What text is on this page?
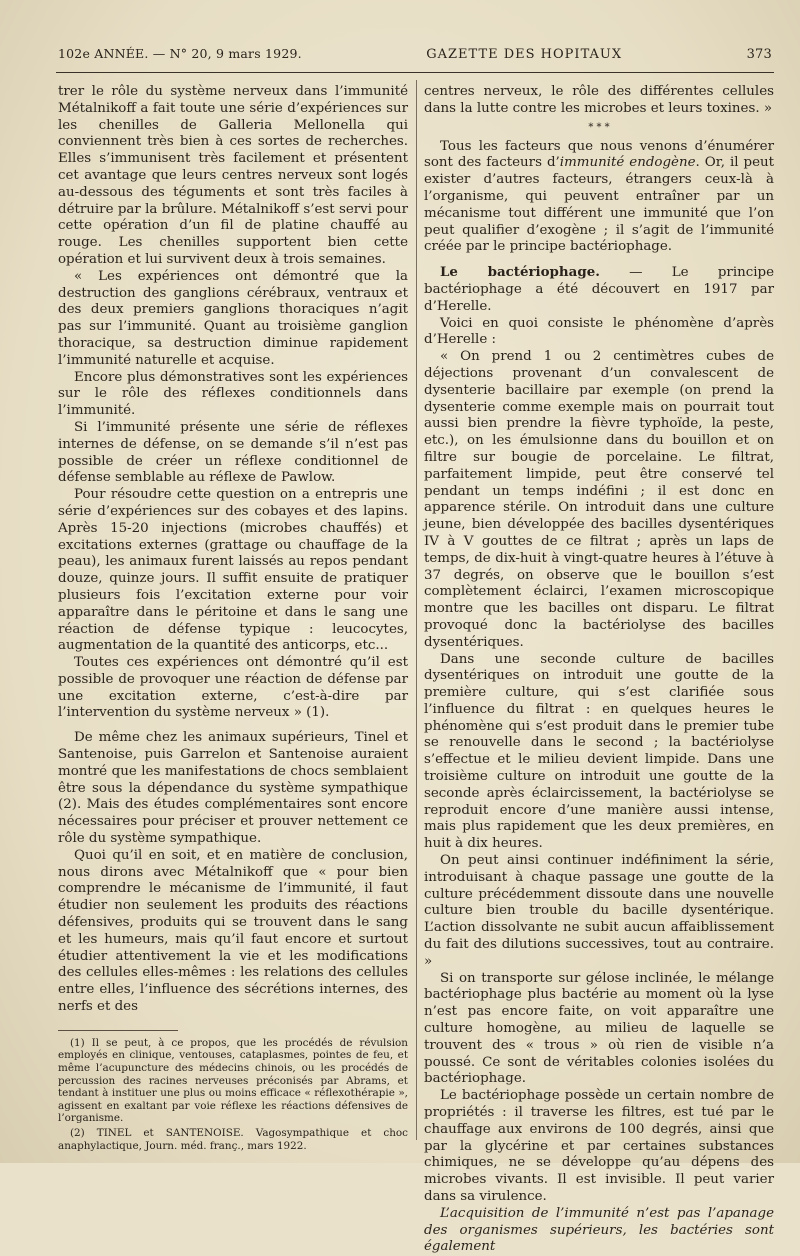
102e ANNÉE. — N° 20, 9 mars 1929.	GAZETTE DES HOPITAUX	373

trer le rôle du système nerveux dans l’immunité Métalnikoff a fait toute une série d’expériences sur les chenilles de Galleria Mellonella qui conviennent très bien à ces sortes de recherches. Elles s’immunisent très facilement et présentent cet avantage que leurs centres nerveux sont logés au-dessous des téguments et sont très faciles à détruire par la brûlure. Métalnikoff s’est servi pour cette opération d’un fil de platine chauffé au rouge. Les chenilles supportent bien cette opération et lui survivent deux à trois semaines.

« Les expériences ont démontré que la destruction des ganglions cérébraux, ventraux et des deux premiers ganglions thoraciques n’agit pas sur l’immunité. Quant au troisième ganglion thoracique, sa destruction diminue rapidement l’immunité naturelle et acquise.

Encore plus démonstratives sont les expériences sur le rôle des réflexes conditionnels dans l’immunité.

Si l’immunité présente une série de réflexes internes de défense, on se demande s’il n’est pas possible de créer un réflexe conditionnel de défense semblable au réflexe de Pawlow.

Pour résoudre cette question on a entrepris une série d’expériences sur des cobayes et des lapins. Après 15-20 injections (microbes chauffés) et excitations externes (grattage ou chauffage de la peau), les animaux furent laissés au repos pendant douze, quinze jours. Il suffit ensuite de pratiquer plusieurs fois l’excitation externe pour voir apparaître dans le péritoine et dans le sang une réaction de défense typique : leucocytes, augmentation de la quantité des anticorps, etc...

Toutes ces expériences ont démontré qu’il est possible de provoquer une réaction de défense par une excitation externe, c’est-à-dire par l’intervention du système nerveux » (1).

De même chez les animaux supérieurs, Tinel et Santenoise, puis Garrelon et Santenoise auraient montré que les manifestations de chocs semblaient être sous la dépendance du système sympathique (2). Mais des études complémentaires sont encore nécessaires pour préciser et prouver nettement ce rôle du système sympathique.

Quoi qu’il en soit, et en matière de conclusion, nous dirons avec Métalnikoff que « pour bien comprendre le mécanisme de l’immunité, il faut étudier non seulement les produits des réactions défensives, produits qui se trouvent dans le sang et les humeurs, mais qu’il faut encore et surtout étudier attentivement la vie et les modifications des cellules elles-mêmes : les relations des cellules entre elles, l’influence des sécrétions internes, des nerfs et des

(1) Il se peut, à ce propos, que les procédés de révulsion employés en clinique, ventouses, cataplasmes, pointes de feu, et même l’acupuncture des médecins chinois, ou les procédés de percussion des racines nerveuses préconisés par Abrams, et tendant à instituer une plus ou moins efficace « réflexothérapie », agissent en exaltant par voie réflexe les réactions défensives de l’organisme.

(2) TINEL et SANTENOISE. Vagosympathique et choc anaphylactique, Journ. méd. franç., mars 1922.

centres nerveux, le rôle des différentes cellules dans la lutte contre les microbes et leurs toxines. »

* * *

Tous les facteurs que nous venons d’énumérer sont des facteurs d’immunité endogène. Or, il peut exister d’autres facteurs, étrangers ceux-là à l’organisme, qui peuvent entraîner par un mécanisme tout différent une immunité que l’on peut qualifier d’exogène ; il s’agit de l’immunité créée par le principe bactériophage.

Le bactériophage. — Le principe bactériophage a été découvert en 1917 par d’Herelle.

Voici en quoi consiste le phénomène d’après d’Herelle :

« On prend 1 ou 2 centimètres cubes de déjections provenant d’un convalescent de dysenterie bacillaire par exemple (on prend la dysenterie comme exemple mais on pourrait tout aussi bien prendre la fièvre typhoïde, la peste, etc.), on les émulsionne dans du bouillon et on filtre sur bougie de porcelaine. Le filtrat, parfaitement limpide, peut être conservé tel pendant un temps indéfini ; il est donc en apparence stérile. On introduit dans une culture jeune, bien développée des bacilles dysentériques IV à V gouttes de ce filtrat ; après un laps de temps, de dix-huit à vingt-quatre heures à l’étuve à 37 degrés, on observe que le bouillon s’est complètement éclairci, l’examen microscopique montre que les bacilles ont disparu. Le filtrat provoqué donc la bactériolyse des bacilles dysentériques.

Dans une seconde culture de bacilles dysentériques on introduit une goutte de la première culture, qui s’est clarifiée sous l’influence du filtrat : en quelques heures le phénomène qui s’est produit dans le premier tube se renouvelle dans le second ; la bactériolyse s’effectue et le milieu devient limpide. Dans une troisième culture on introduit une goutte de la seconde après éclaircissement, la bactériolyse se reproduit encore d’une manière aussi intense, mais plus rapidement que les deux premières, en huit à dix heures.

On peut ainsi continuer indéfiniment la série, introduisant à chaque passage une goutte de la culture précédemment dissoute dans une nouvelle culture bien trouble du bacille dysentérique. L’action dissolvante ne subit aucun affaiblissement du fait des dilutions successives, tout au contraire. »

Si on transporte sur gélose inclinée, le mélange bactériophage plus bactérie au moment où la lyse n’est pas encore faite, on voit apparaître une culture homogène, au milieu de laquelle se trouvent des « trous » où rien de visible n’a poussé. Ce sont de véritables colonies isolées du bactériophage.

Le bactériophage possède un certain nombre de propriétés : il traverse les filtres, est tué par le chauffage aux environs de 100 degrés, ainsi que par la glycérine et par certaines substances chimiques, ne se développe qu’au dépens des microbes vivants. Il est invisible. Il peut varier dans sa virulence.

L’acquisition de l’immunité n’est pas l’apanage des organismes supérieurs, les bactéries sont également
